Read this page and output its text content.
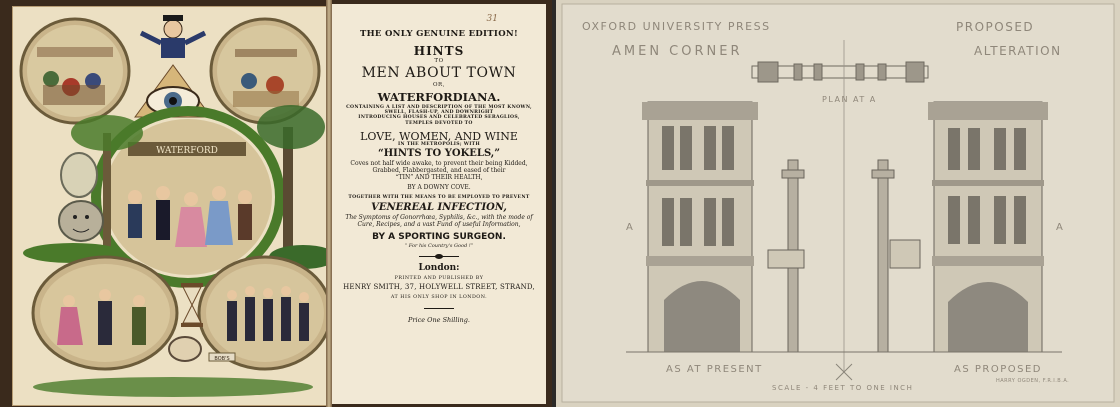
WATERFORD
BOB'S
31
THE ONLY GENUINE EDITION!
HINTS
TO
MEN ABOUT TOWN
OR,
WATERFORDIANA.
CONTAINING A LIST AND DESCRIPTION OF THE MOST KNOWN,
SWELL, FLASH-UP, AND DOWNRIGHT
INTRODUCING HOUSES AND CELEBRATED SERAGLIOS,
TEMPLES DEVOTED TO
LOVE, WOMEN, AND WINE
IN THE METROPOLIS; WITH
“HINTS TO YOKELS,”
Coves not half wide awake, to prevent their being Kidded,
Grabbed, Flabbergasted, and eased of their
“TIN” AND THEIR HEALTH,
BY A DOWNY COVE.
TOGETHER WITH THE MEANS TO BE EMPLOYED TO PREVENT
VENEREAL INFECTION,
The Symptoms of Gonorrhœa, Syphilis, &c., with the mode of
Cure, Recipes, and a vast Fund of useful Information,
BY A SPORTING SURGEON.
“ For his Country's Good !”
London:
PRINTED AND PUBLISHED BY
HENRY SMITH, 37, HOLYWELL STREET, STRAND,
AT HIS ONLY SHOP IN LONDON.
Price One Shilling.
OXFORD UNIVERSITY PRESS
AMEN CORNER
PROPOSED
ALTERATION
PLAN AT A
A	A
AS AT PRESENT	AS PROPOSED
SCALE - 4 FEET TO ONE INCH
HARRY OGDEN, F.R.I.B.A.
